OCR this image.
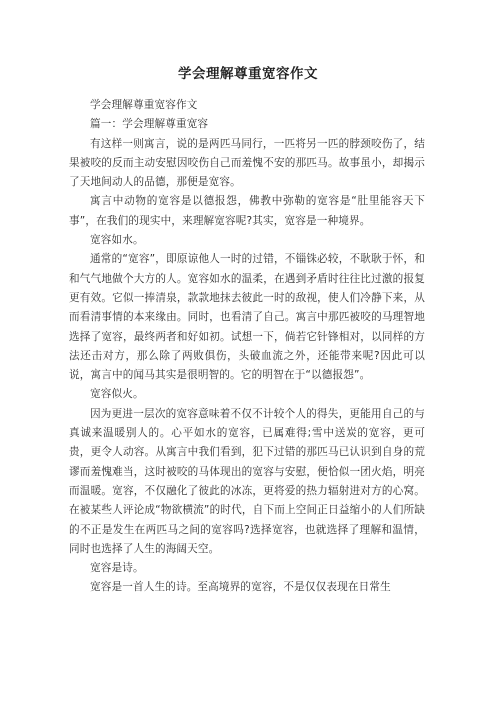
学会理解尊重宽容作文

学会理解尊重宽容作文

篇一：学会理解尊重宽容

有这样一则寓言，说的是两匹马同行，一匹将另一匹的脖颈咬伤了，结果被咬的反而主动安慰因咬伤自己而羞愧不安的那匹马。故事虽小，却揭示了天地间动人的品德，那便是宽容。

寓言中动物的宽容是以德报怨，佛教中弥勒的宽容是“肚里能容天下事”，在我们的现实中，来理解宽容呢?其实，宽容是一种境界。

宽容如水。

通常的“宽容”，即原谅他人一时的过错，不锱铢必较，不耿耿于怀，和和气气地做个大方的人。宽容如水的温柔，在遇到矛盾时往往比过激的报复更有效。它似一捧清泉，款款地抹去彼此一时的敌视，使人们冷静下来，从而看清事情的本来缘由。同时，也看清了自己。寓言中那匹被咬的马理智地选择了宽容，最终两者和好如初。试想一下，倘若它针锋相对，以同样的方法还击对方，那么除了两败俱伤，头破血流之外，还能带来呢?因此可以说，寓言中的闻马其实是很明智的。它的明智在于“以德报怨”。

宽容似火。

因为更进一层次的宽容意味着不仅不计较个人的得失，更能用自己的与真诚来温暖别人的。心平如水的宽容，已属难得;雪中送炭的宽容，更可贵，更令人动容。从寓言中我们看到，犯下过错的那匹马已认识到自身的荒谬而羞愧难当，这时被咬的马体现出的宽容与安慰，便恰似一团火焰，明亮而温暖。宽容，不仅融化了彼此的冰冻，更将爱的热力辐射进对方的心窝。在被某些人评论成“物欲横流”的时代，自下而上空间正日益缩小的人们所缺的不正是发生在两匹马之间的宽容吗?选择宽容，也就选择了理解和温情，同时也选择了人生的海阔天空。

宽容是诗。

宽容是一首人生的诗。至高境界的宽容，不是仅仅表现在日常生
